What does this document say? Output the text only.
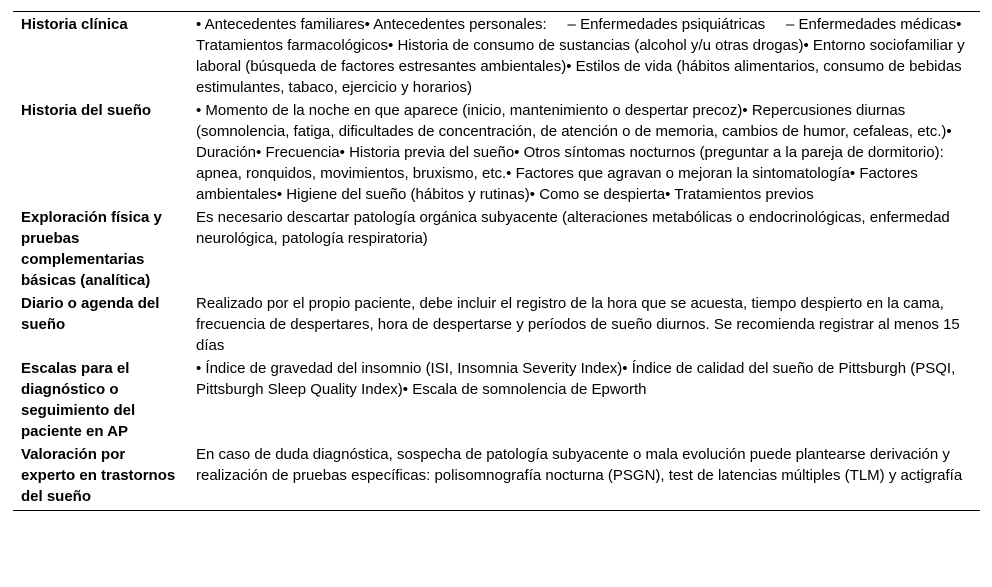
Historia clínica	• Antecedentes familiares• Antecedentes personales:     – Enfermedades psiquiátricas     – Enfermedades médicas• Tratamientos farmacológicos• Historia de consumo de sustancias (alcohol y/u otras drogas)• Entorno sociofamiliar y laboral (búsqueda de factores estresantes ambientales)• Estilos de vida (hábitos alimentarios, consumo de bebidas estimulantes, tabaco, ejercicio y horarios)
Historia del sueño	• Momento de la noche en que aparece (inicio, mantenimiento o despertar precoz)• Repercusiones diurnas (somnolencia, fatiga, dificultades de concentración, de atención o de memoria, cambios de humor, cefaleas, etc.)• Duración• Frecuencia• Historia previa del sueño• Otros síntomas nocturnos (preguntar a la pareja de dormitorio): apnea, ronquidos, movimientos, bruxismo, etc.• Factores que agravan o mejoran la sintomatología• Factores ambientales• Higiene del sueño (hábitos y rutinas)• Como se despierta• Tratamientos previos
Exploración física y pruebas complementarias básicas (analítica)	Es necesario descartar patología orgánica subyacente (alteraciones metabólicas o endocrinológicas, enfermedad neurológica, patología respiratoria)
Diario o agenda del sueño	Realizado por el propio paciente, debe incluir el registro de la hora que se acuesta, tiempo despierto en la cama, frecuencia de despertares, hora de despertarse y períodos de sueño diurnos. Se recomienda registrar al menos 15 días
Escalas para el diagnóstico o seguimiento del paciente en AP	• Índice de gravedad del insomnio (ISI, Insomnia Severity Index)• Índice de calidad del sueño de Pittsburgh (PSQI, Pittsburgh Sleep Quality Index)• Escala de somnolencia de Epworth
Valoración por experto en trastornos del sueño	En caso de duda diagnóstica, sospecha de patología subyacente o mala evolución puede plantearse derivación y realización de pruebas específicas: polisomnografía nocturna (PSGN), test de latencias múltiples (TLM) y actigrafía
